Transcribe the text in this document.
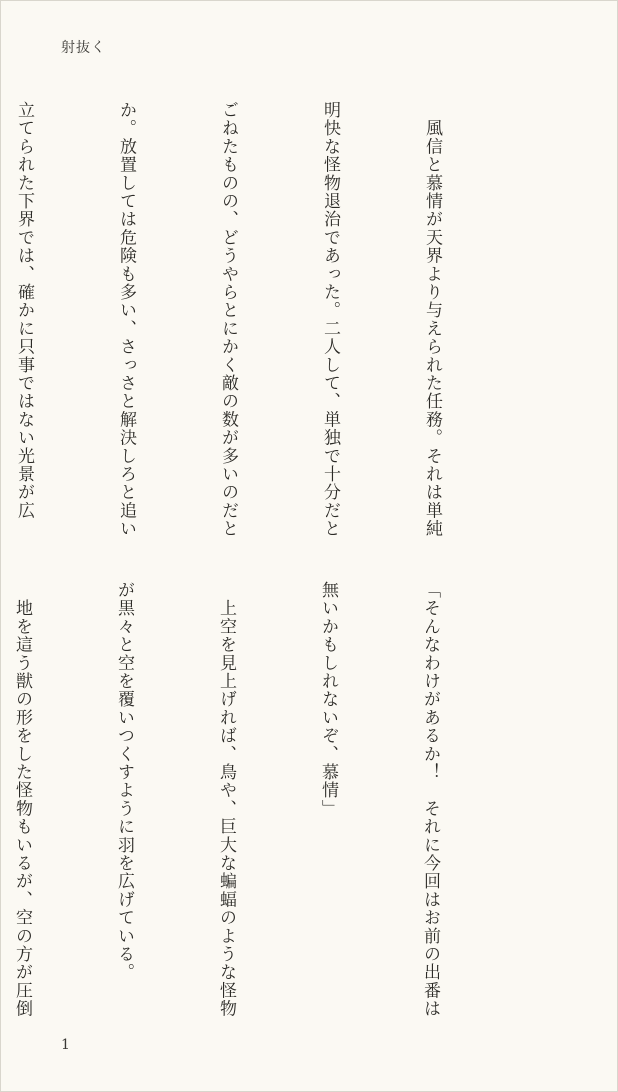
射抜く

　風信と慕情が天界より与えられた任務。それは単純

明快な怪物退治であった。二人して、単独で十分だと

ごねたものの、どうやらとにかく敵の数が多いのだと

か。放置しては危険も多い、さっさと解決しろと追い

立てられた下界では、確かに只事ではない光景が広

「そんなわけがあるか！　それに今回はお前の出番は

無いかもしれないぞ、慕情」

　上空を見上げれば、鳥や、巨大な蝙蝠のような怪物

が黒々と空を覆いつくすように羽を広げている。

　地を這う獣の形をした怪物もいるが、空の方が圧倒

1
